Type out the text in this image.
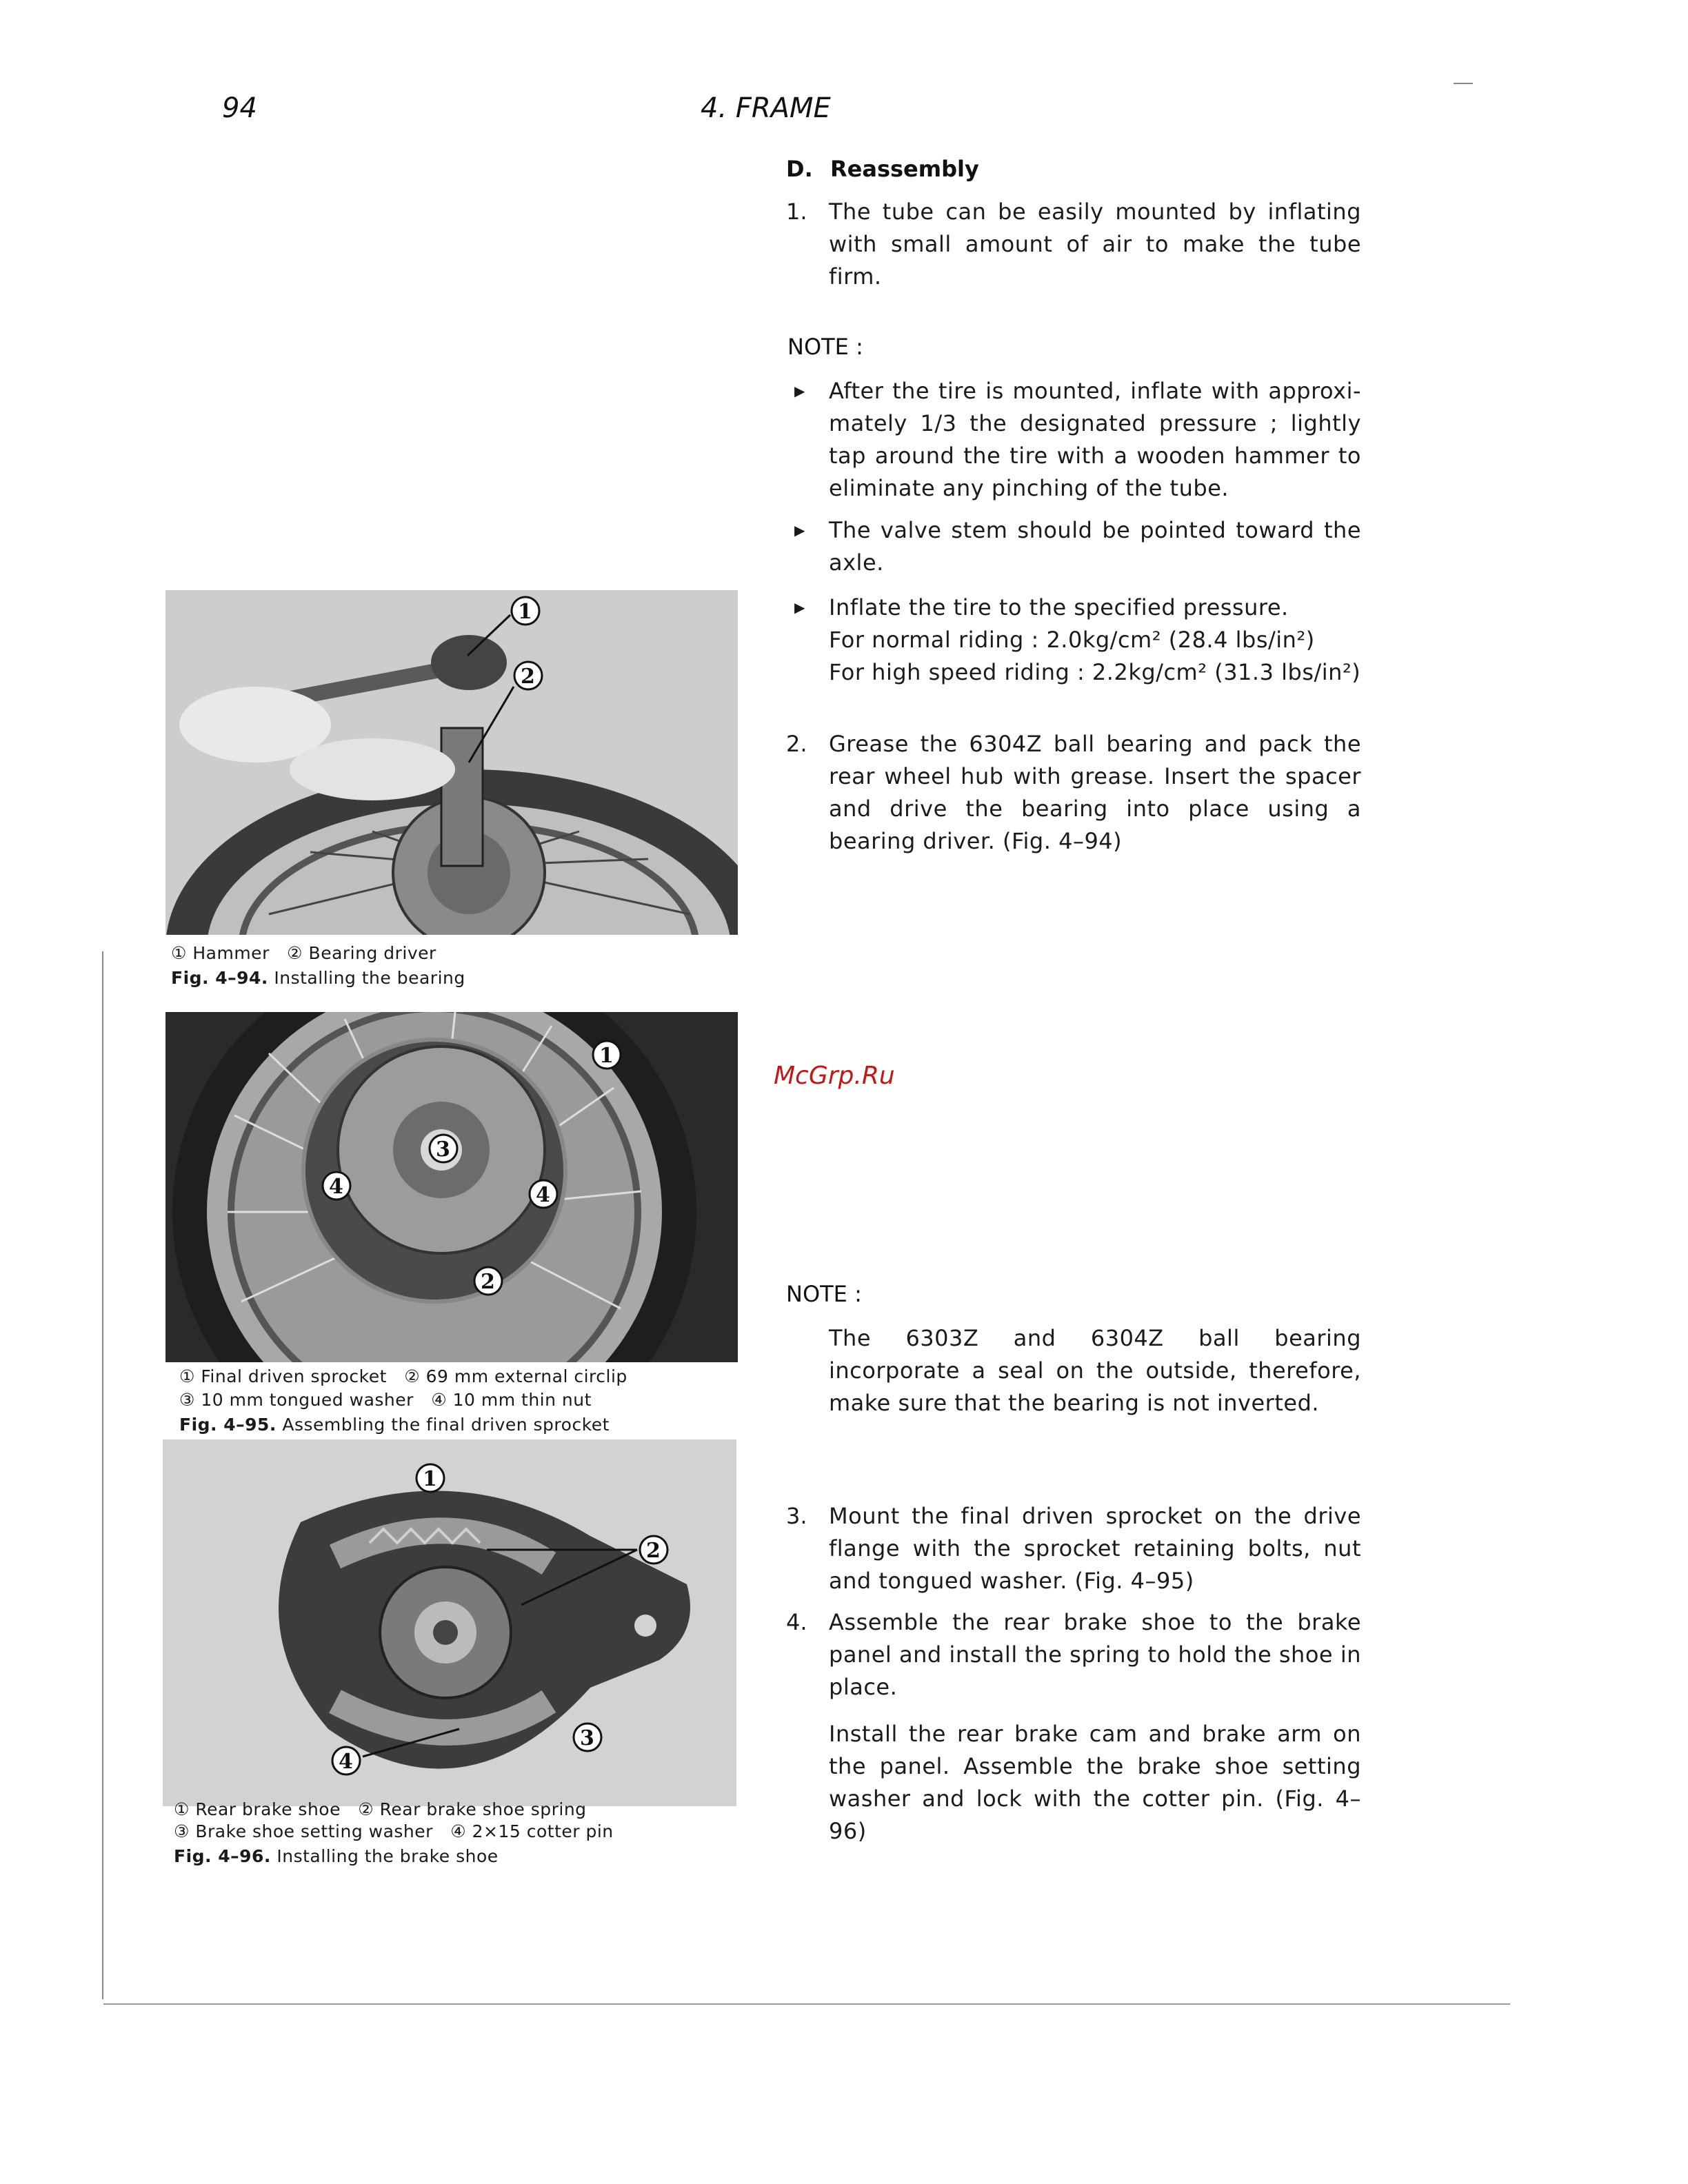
94	4. FRAME
D. Reassembly
1. The tube can be easily mounted by inflating with small amount of air to make the tube firm.
NOTE :
▶ After the tire is mounted, inflate with approxi-mately 1/3 the designated pressure ; lightly tap around the tire with a wooden hammer to eliminate any pinching of the tube.
▶ The valve stem should be pointed toward the axle.
▶ Inflate the tire to the specified pressure.
For normal riding : 2.0kg/cm² (28.4 lbs/in²)
For high speed riding : 2.2kg/cm² (31.3 lbs/in²)
2. Grease the 6304Z ball bearing and pack the rear wheel hub with grease. Insert the spacer and drive the bearing into place using a bearing driver. (Fig. 4–94)
McGrp.Ru
NOTE :
The 6303Z and 6304Z ball bearing incorporate a seal on the outside, therefore, make sure that the bearing is not inverted.
3. Mount the final driven sprocket on the drive flange with the sprocket retaining bolts, nut and tongued washer. (Fig. 4–95)
4. Assemble the rear brake shoe to the brake panel and install the spring to hold the shoe in place.
Install the rear brake cam and brake arm on the panel. Assemble the brake shoe setting washer and lock with the cotter pin. (Fig. 4–96)
1
2
① Hammer   ② Bearing driver
Fig. 4–94. Installing the bearing
1
2
3
4	4
① Final driven sprocket   ② 69 mm external circlip
③ 10 mm tongued washer   ④ 10 mm thin nut
Fig. 4–95. Assembling the final driven sprocket
1
2
3
4
① Rear brake shoe   ② Rear brake shoe spring
③ Brake shoe setting washer   ④ 2×15 cotter pin
Fig. 4–96. Installing the brake shoe
